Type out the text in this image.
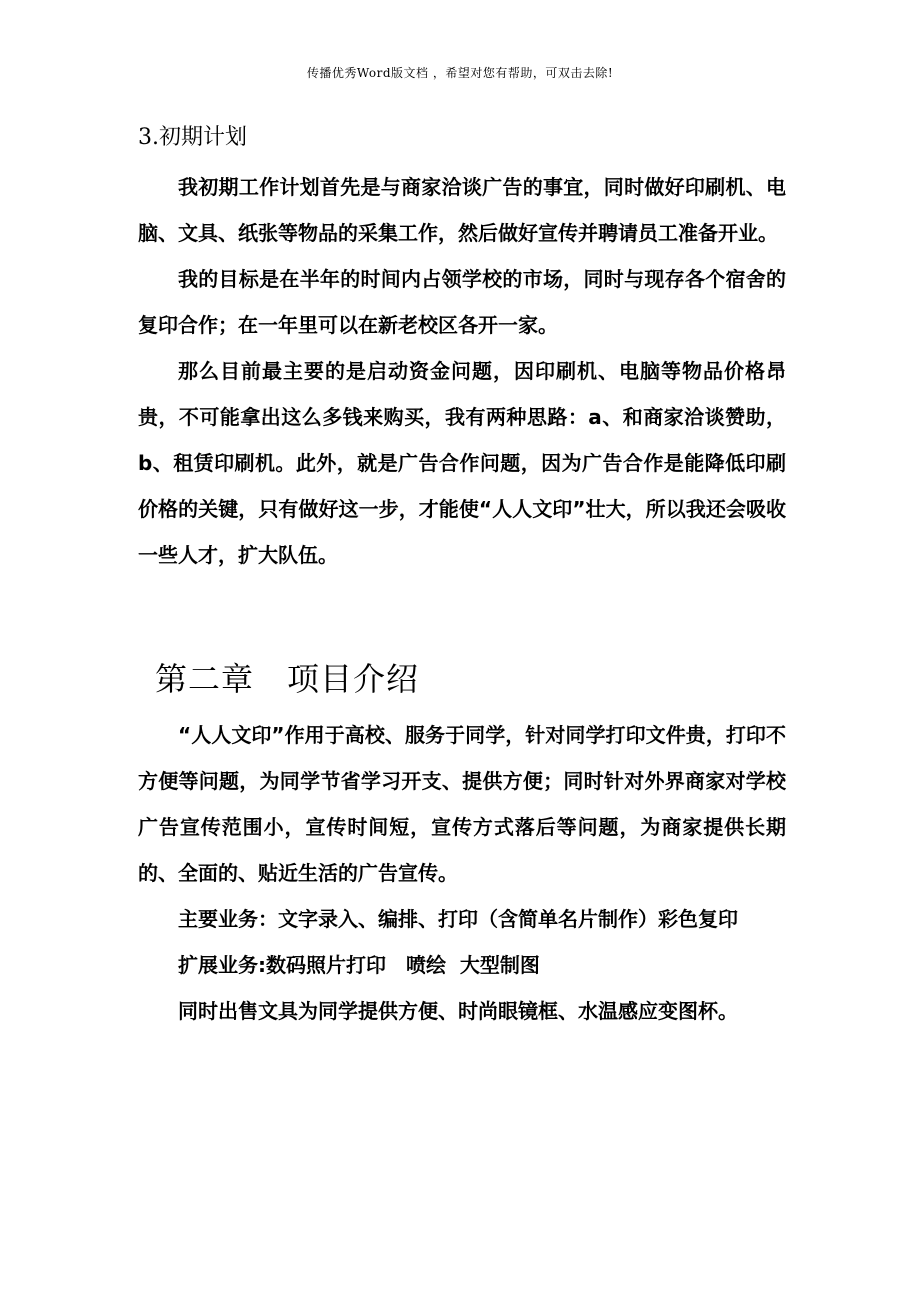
传播优秀Word版文档 ，希望对您有帮助，可双击去除!
3.初期计划

我初期工作计划首先是与商家洽谈广告的事宜，同时做好印刷机、电脑、文具、纸张等物品的采集工作，然后做好宣传并聘请员工准备开业。

我的目标是在半年的时间内占领学校的市场，同时与现存各个宿舍的复印合作；在一年里可以在新老校区各开一家。

那么目前最主要的是启动资金问题，因印刷机、电脑等物品价格昂贵，不可能拿出这么多钱来购买，我有两种思路：a、和商家洽谈赞助，b、租赁印刷机。此外，就是广告合作问题，因为广告合作是能降低印刷价格的关键，只有做好这一步，才能使“人人文印”壮大，所以我还会吸收一些人才，扩大队伍。

第二章　项目介绍

“人人文印”作用于高校、服务于同学，针对同学打印文件贵，打印不方便等问题，为同学节省学习开支、提供方便；同时针对外界商家对学校广告宣传范围小，宣传时间短，宣传方式落后等问题，为商家提供长期的、全面的、贴近生活的广告宣传。

主要业务：文字录入、编排、打印（含简单名片制作）彩色复印

扩展业务:数码照片打印　喷绘  大型制图

同时出售文具为同学提供方便、时尚眼镜框、水温感应变图杯。
